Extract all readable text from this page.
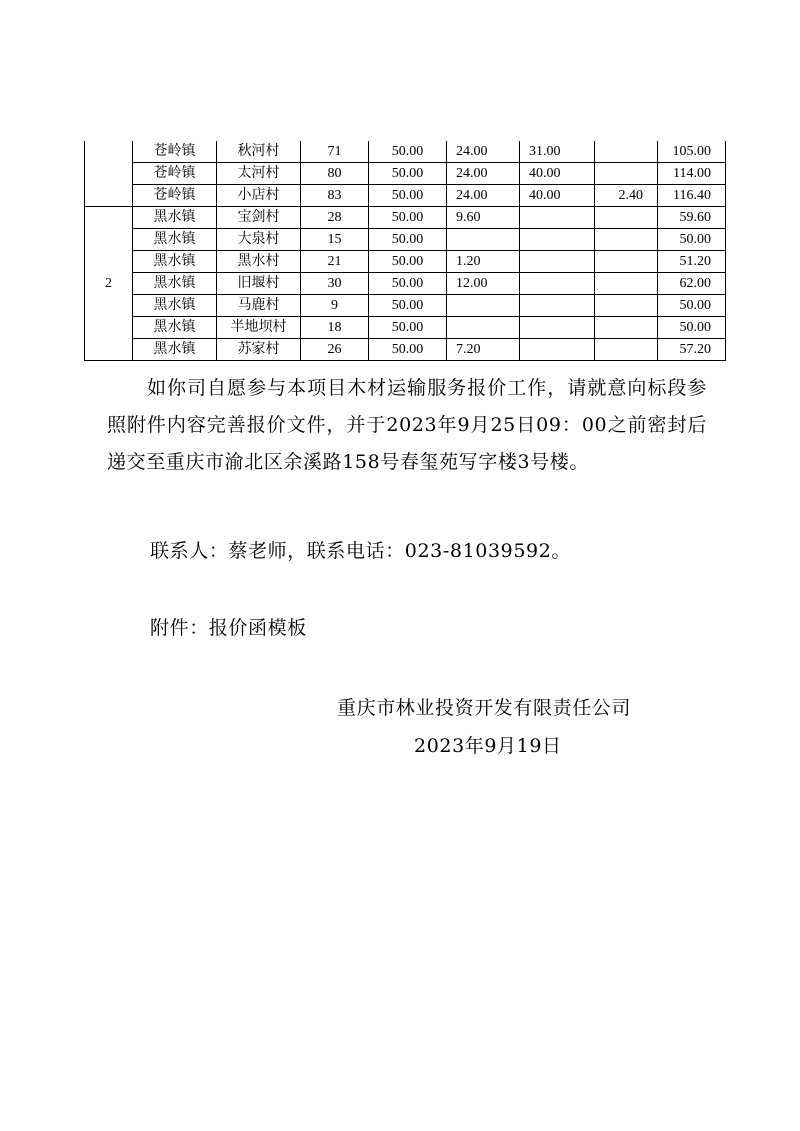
	苍岭镇	秋河村	71	50.00	24.00	31.00		105.00
	苍岭镇	太河村	80	50.00	24.00	40.00		114.00
	苍岭镇	小店村	83	50.00	24.00	40.00	2.40	116.40
2	黑水镇	宝剑村	28	50.00	9.60			59.60
	黑水镇	大泉村	15	50.00				50.00
	黑水镇	黑水村	21	50.00	1.20			51.20
	黑水镇	旧堰村	30	50.00	12.00			62.00
	黑水镇	马鹿村	9	50.00				50.00
	黑水镇	半地坝村	18	50.00				50.00
	黑水镇	苏家村	26	50.00	7.20			57.20

如你司自愿参与本项目木材运输服务报价工作，请就意向标段参照附件内容完善报价文件，并于2023年9月25日09：00之前密封后递交至重庆市渝北区余溪路158号春玺苑写字楼3号楼。

联系人：蔡老师，联系电话：023-81039592。

附件：报价函模板

重庆市林业投资开发有限责任公司

2023年9月19日
